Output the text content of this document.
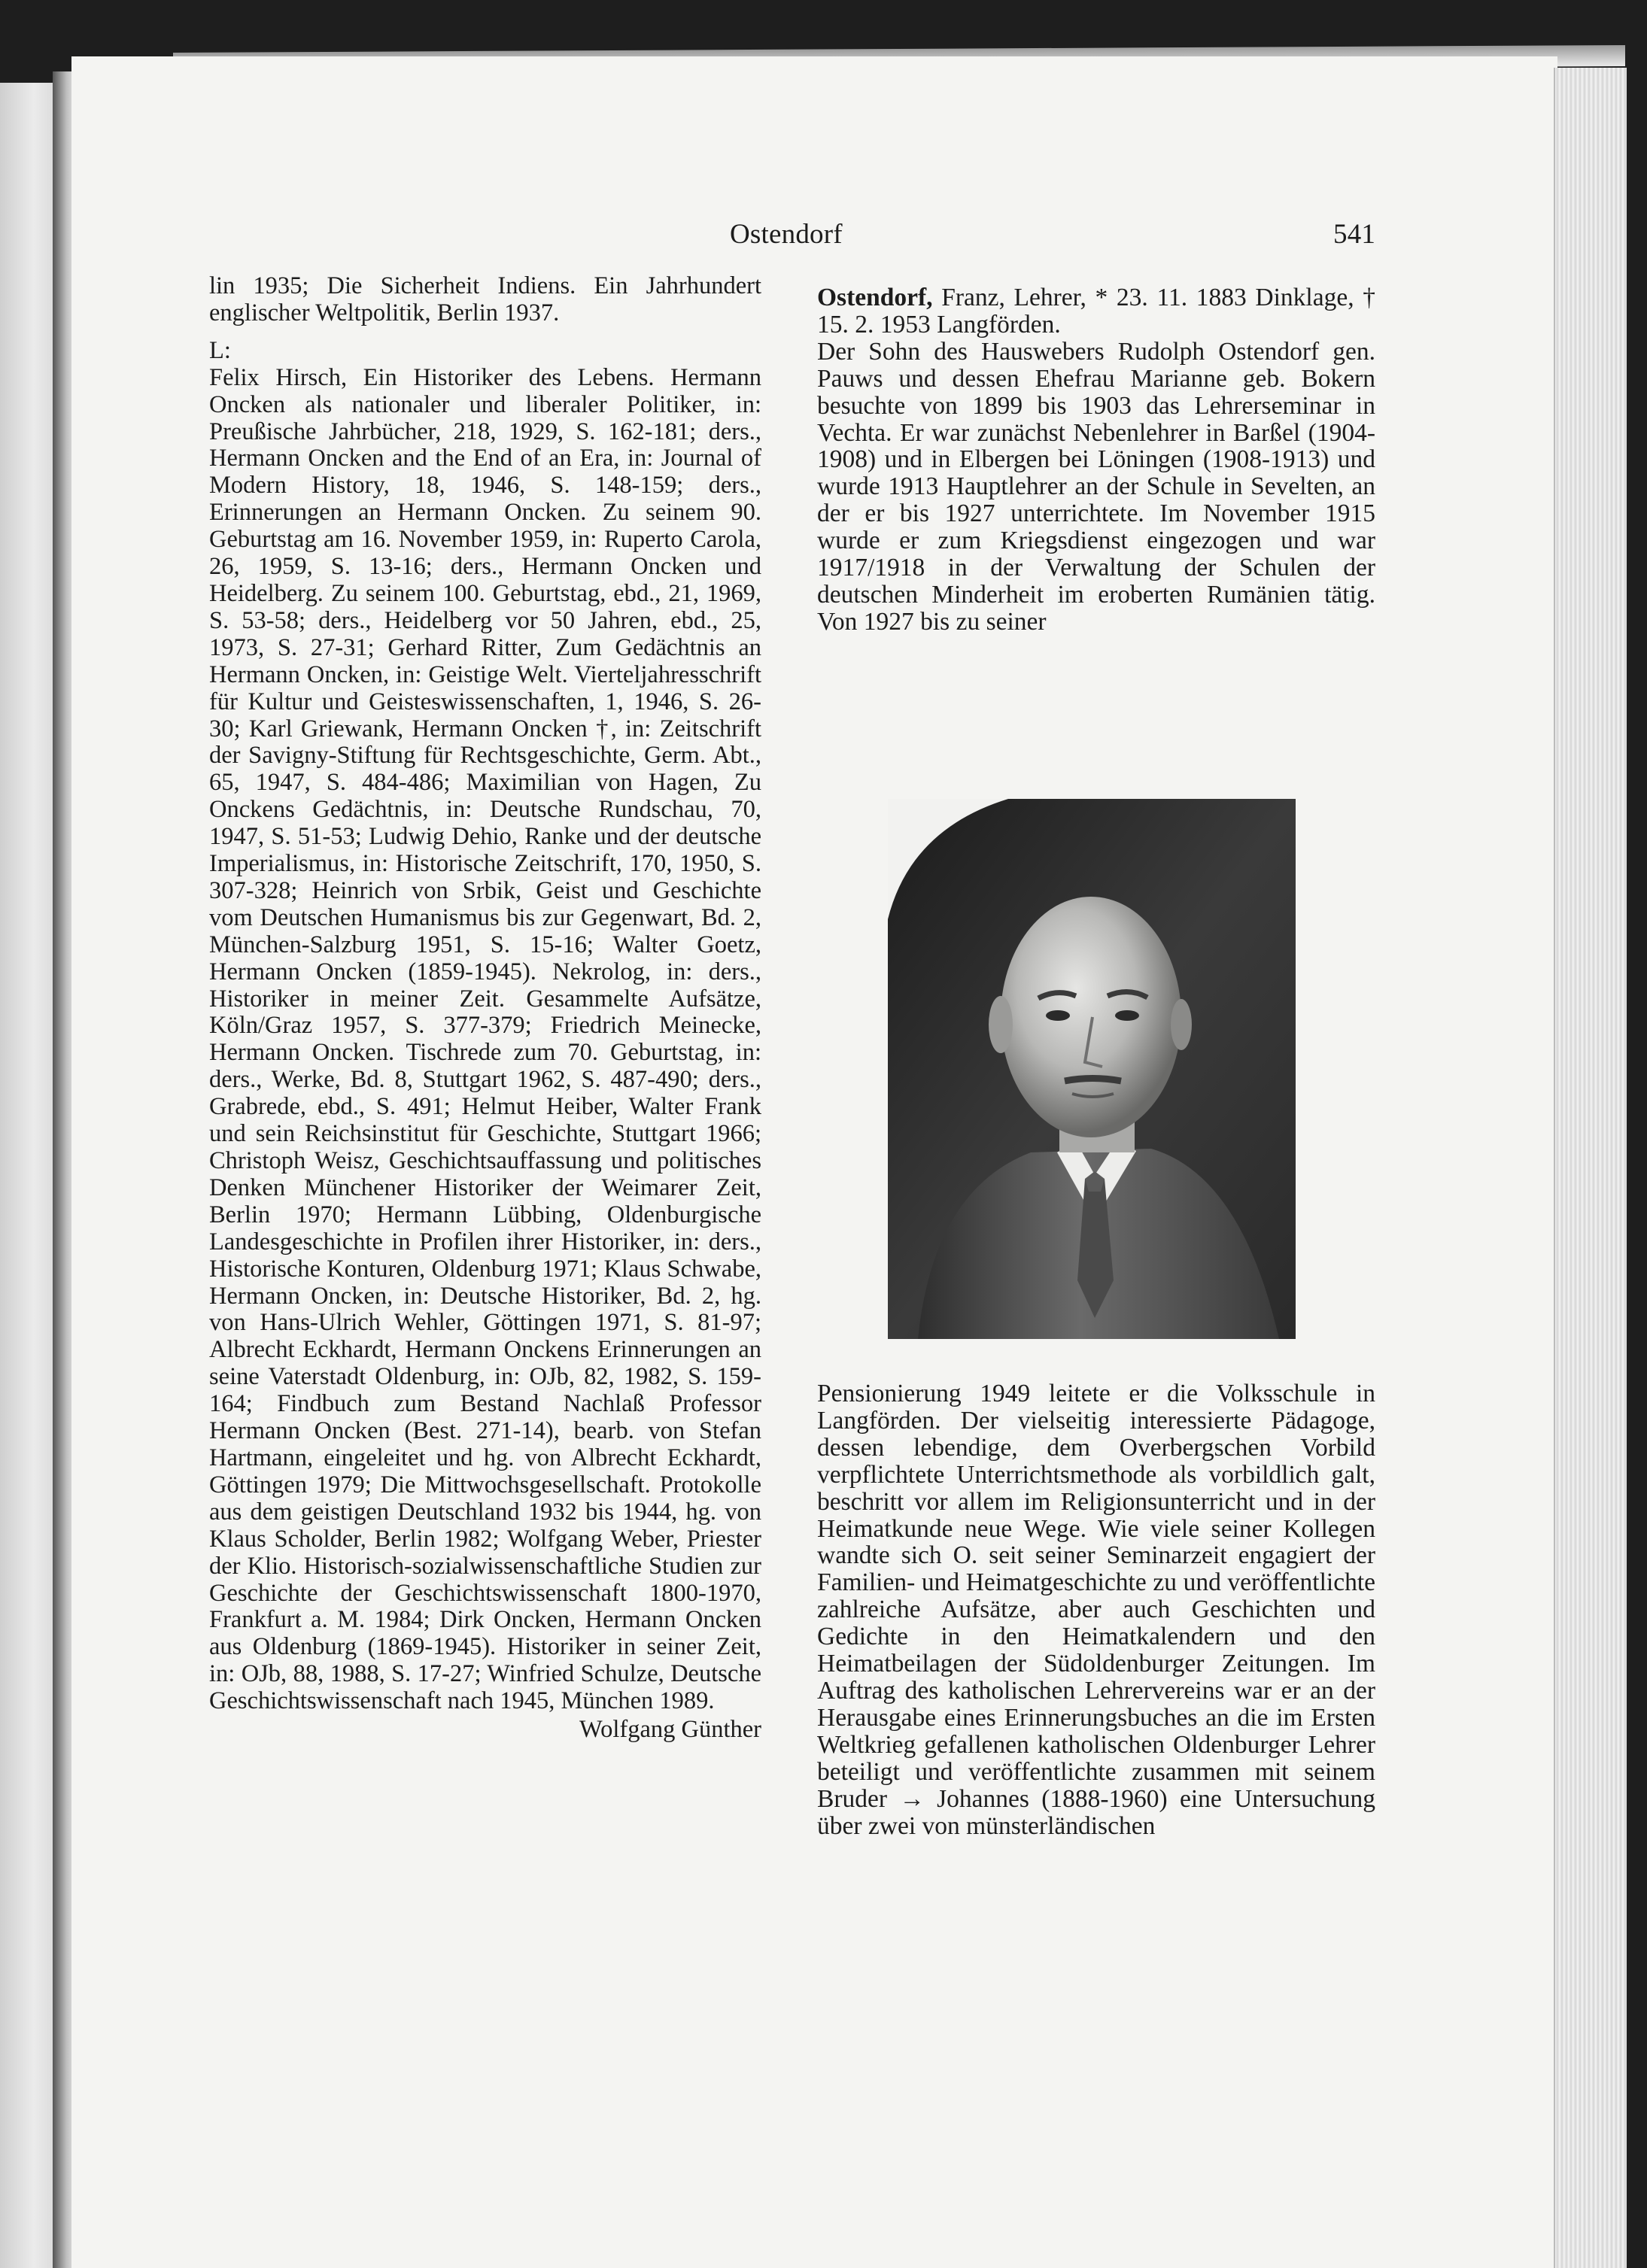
Ostendorf	541

lin 1935; Die Sicherheit Indiens. Ein Jahrhundert englischer Weltpolitik, Berlin 1937.

L:

Felix Hirsch, Ein Historiker des Lebens. Hermann Oncken als nationaler und liberaler Politiker, in: Preußische Jahrbücher, 218, 1929, S. 162-181; ders., Hermann Oncken and the End of an Era, in: Journal of Modern History, 18, 1946, S. 148-159; ders., Erinnerungen an Hermann Oncken. Zu seinem 90. Geburtstag am 16. November 1959, in: Ruperto Carola, 26, 1959, S. 13-16; ders., Hermann Oncken und Heidelberg. Zu seinem 100. Geburtstag, ebd., 21, 1969, S. 53-58; ders., Heidelberg vor 50 Jahren, ebd., 25, 1973, S. 27-31; Gerhard Ritter, Zum Gedächtnis an Hermann Oncken, in: Geistige Welt. Vierteljahresschrift für Kultur und Geisteswissenschaften, 1, 1946, S. 26-30; Karl Griewank, Hermann Oncken †, in: Zeitschrift der Savigny-Stiftung für Rechtsgeschichte, Germ. Abt., 65, 1947, S. 484-486; Maximilian von Hagen, Zu Onckens Gedächtnis, in: Deutsche Rundschau, 70, 1947, S. 51-53; Ludwig Dehio, Ranke und der deutsche Imperialismus, in: Historische Zeitschrift, 170, 1950, S. 307-328; Heinrich von Srbik, Geist und Geschichte vom Deutschen Humanismus bis zur Gegenwart, Bd. 2, München-Salzburg 1951, S. 15-16; Walter Goetz, Hermann Oncken (1859-1945). Nekrolog, in: ders., Historiker in meiner Zeit. Gesammelte Aufsätze, Köln/Graz 1957, S. 377-379; Friedrich Meinecke, Hermann Oncken. Tischrede zum 70. Geburtstag, in: ders., Werke, Bd. 8, Stuttgart 1962, S. 487-490; ders., Grabrede, ebd., S. 491; Helmut Heiber, Walter Frank und sein Reichsinstitut für Geschichte, Stuttgart 1966; Christoph Weisz, Geschichtsauffassung und politisches Denken Münchener Historiker der Weimarer Zeit, Berlin 1970; Hermann Lübbing, Oldenburgische Landesgeschichte in Profilen ihrer Historiker, in: ders., Historische Konturen, Oldenburg 1971; Klaus Schwabe, Hermann Oncken, in: Deutsche Historiker, Bd. 2, hg. von Hans-Ulrich Wehler, Göttingen 1971, S. 81-97; Albrecht Eckhardt, Hermann Onckens Erinnerungen an seine Vaterstadt Oldenburg, in: OJb, 82, 1982, S. 159-164; Findbuch zum Bestand Nachlaß Professor Hermann Oncken (Best. 271-14), bearb. von Stefan Hartmann, eingeleitet und hg. von Albrecht Eckhardt, Göttingen 1979; Die Mittwochsgesellschaft. Protokolle aus dem geistigen Deutschland 1932 bis 1944, hg. von Klaus Scholder, Berlin 1982; Wolfgang Weber, Priester der Klio. Historisch-sozialwissenschaftliche Studien zur Geschichte der Geschichtswissenschaft 1800-1970, Frankfurt a. M. 1984; Dirk Oncken, Hermann Oncken aus Oldenburg (1869-1945). Historiker in seiner Zeit, in: OJb, 88, 1988, S. 17-27; Winfried Schulze, Deutsche Geschichtswissenschaft nach 1945, München 1989.

Wolfgang Günther

Ostendorf, Franz, Lehrer, * 23. 11. 1883 Dinklage, † 15. 2. 1953 Langförden.

Der Sohn des Hauswebers Rudolph Ostendorf gen. Pauws und dessen Ehefrau Marianne geb. Bokern besuchte von 1899 bis 1903 das Lehrerseminar in Vechta. Er war zunächst Nebenlehrer in Barßel (1904-1908) und in Elbergen bei Löningen (1908-1913) und wurde 1913 Hauptlehrer an der Schule in Sevelten, an der er bis 1927 unterrichtete. Im November 1915 wurde er zum Kriegsdienst eingezogen und war 1917/1918 in der Verwaltung der Schulen der deutschen Minderheit im eroberten Rumänien tätig. Von 1927 bis zu seiner

Pensionierung 1949 leitete er die Volksschule in Langförden. Der vielseitig interessierte Pädagoge, dessen lebendige, dem Overbergschen Vorbild verpflichtete Unterrichtsmethode als vorbildlich galt, beschritt vor allem im Religionsunterricht und in der Heimatkunde neue Wege. Wie viele seiner Kollegen wandte sich O. seit seiner Seminarzeit engagiert der Familien- und Heimatgeschichte zu und veröffentlichte zahlreiche Aufsätze, aber auch Geschichten und Gedichte in den Heimatkalendern und den Heimatbeilagen der Südoldenburger Zeitungen. Im Auftrag des katholischen Lehrervereins war er an der Herausgabe eines Erinnerungsbuches an die im Ersten Weltkrieg gefallenen katholischen Oldenburger Lehrer beteiligt und veröffentlichte zusammen mit seinem Bruder → Johannes (1888-1960) eine Untersuchung über zwei von münsterländischen
